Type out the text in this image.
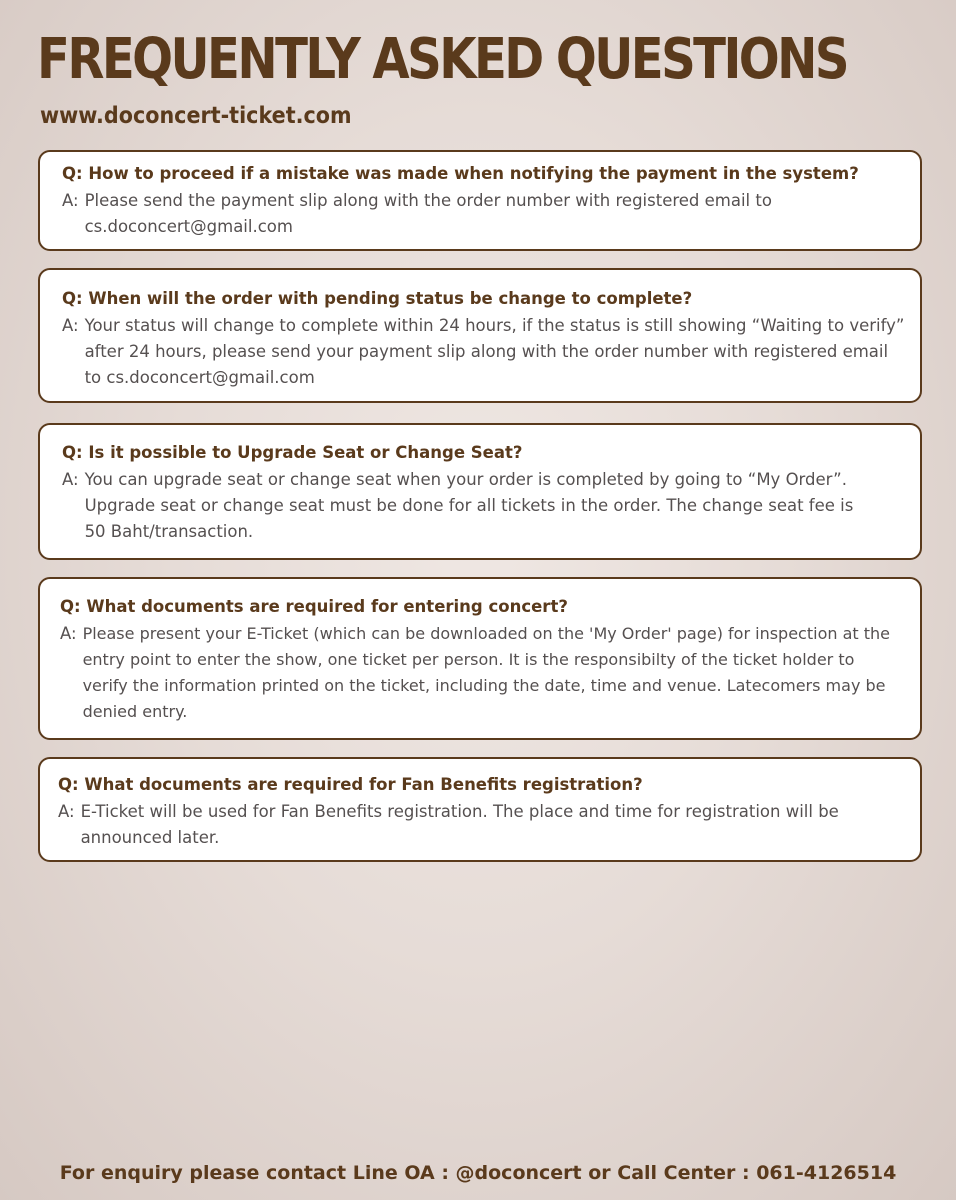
FREQUENTLY ASKED QUESTIONS
www.doconcert-ticket.com
Q: How to proceed if a mistake was made when notifying the payment in the system?
A: Please send the payment slip along with the order number with registered email to
cs.doconcert@gmail.com
Q: When will the order with pending status be change to complete?
A: Your status will change to complete within 24 hours, if the status is still showing “Waiting to verify”
after 24 hours, please send your payment slip along with the order number with registered email
to cs.doconcert@gmail.com
Q: Is it possible to Upgrade Seat or Change Seat?
A: You can upgrade seat or change seat when your order is completed by going to “My Order”.
Upgrade seat or change seat must be done for all tickets in the order. The change seat fee is
50 Baht/transaction.
Q: What documents are required for entering concert?
A: Please present your E-Ticket (which can be downloaded on the 'My Order' page) for inspection at the
entry point to enter the show, one ticket per person. It is the responsibilty of the ticket holder to
verify the information printed on the ticket, including the date, time and venue. Latecomers may be
denied entry.
Q: What documents are required for Fan Benefits registration?
A: E-Ticket will be used for Fan Benefits registration. The place and time for registration will be
announced later.
For enquiry please contact Line OA : @doconcert or Call Center : 061-4126514
